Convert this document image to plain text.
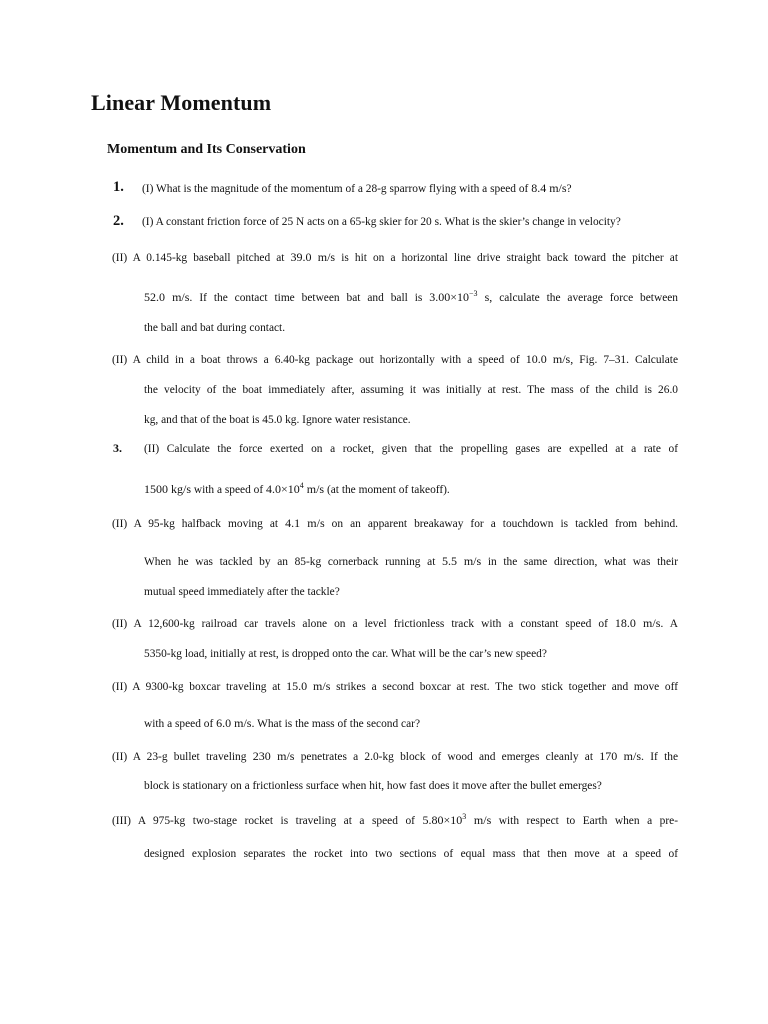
Linear Momentum
Momentum and Its Conservation
1. (I) What is the magnitude of the momentum of a 28-g sparrow flying with a speed of 8.4 m/s?
2. (I) A constant friction force of 25 N acts on a 65-kg skier for 20 s. What is the skier’s change in velocity?
(II) A 0.145-kg baseball pitched at 39.0 m/s is hit on a horizontal line drive straight back toward the pitcher at
52.0 m/s. If the contact time between bat and ball is $3.00\times 10^{-3}$ s, calculate the average force between
the ball and bat during contact.
(II) A child in a boat throws a 6.40-kg package out horizontally with a speed of 10.0 m/s, Fig. 7–31. Calculate
the velocity of the boat immediately after, assuming it was initially at rest. The mass of the child is 26.0
kg, and that of the boat is 45.0 kg. Ignore water resistance.
3. (II) Calculate the force exerted on a rocket, given that the propelling gases are expelled at a rate of
1500 kg/s with a speed of $4.0\times 10^4$ m/s (at the moment of takeoff).
(II) A 95-kg halfback moving at 4.1 m/s on an apparent breakaway for a touchdown is tackled from behind.
When he was tackled by an 85-kg cornerback running at 5.5 m/s in the same direction, what was their
mutual speed immediately after the tackle?
(II) A 12,600-kg railroad car travels alone on a level frictionless track with a constant speed of 18.0 m/s. A
5350-kg load, initially at rest, is dropped onto the car. What will be the car’s new speed?
(II) A 9300-kg boxcar traveling at 15.0 m/s strikes a second boxcar at rest. The two stick together and move off
with a speed of 6.0 m/s. What is the mass of the second car?
(II) A 23-g bullet traveling 230 m/s penetrates a 2.0-kg block of wood and emerges cleanly at 170 m/s. If the
block is stationary on a frictionless surface when hit, how fast does it move after the bullet emerges?
(III) A 975-kg two-stage rocket is traveling at a speed of $5.80\times 10^3$ m/s with respect to Earth when a pre-
designed explosion separates the rocket into two sections of equal mass that then move at a speed of
